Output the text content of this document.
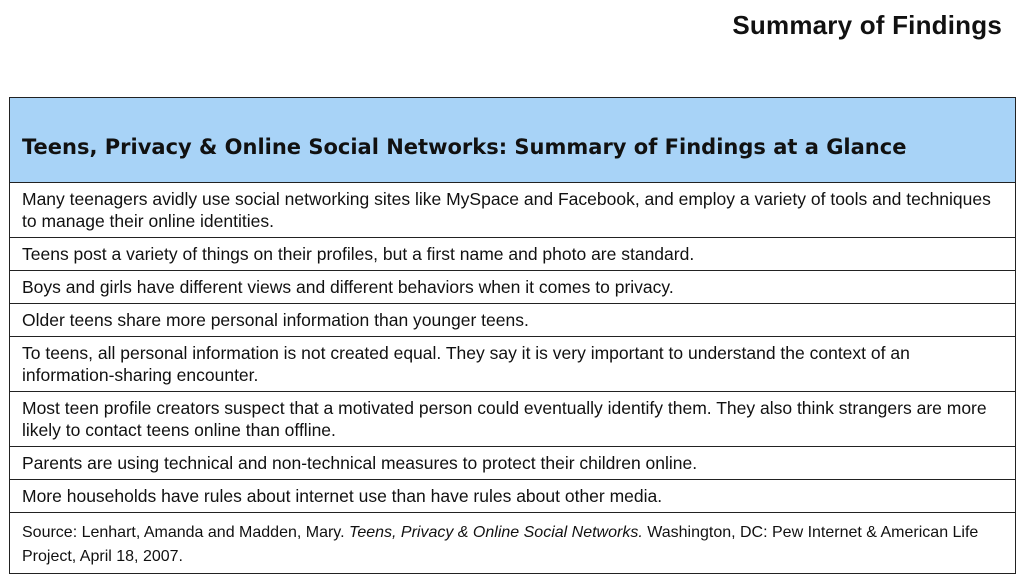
Summary of Findings
Teens, Privacy & Online Social Networks: Summary of Findings at a Glance
Many teenagers avidly use social networking sites like MySpace and Facebook, and employ a variety of tools and techniques to manage their online identities.
Teens post a variety of things on their profiles, but a first name and photo are standard.
Boys and girls have different views and different behaviors when it comes to privacy.
Older teens share more personal information than younger teens.
To teens, all personal information is not created equal. They say it is very important to understand the context of an information-sharing encounter.
Most teen profile creators suspect that a motivated person could eventually identify them. They also think strangers are more likely to contact teens online than offline.
Parents are using technical and non-technical measures to protect their children online.
More households have rules about internet use than have rules about other media.
Source: Lenhart, Amanda and Madden, Mary. Teens, Privacy & Online Social Networks. Washington, DC: Pew Internet & American Life Project, April 18, 2007.
